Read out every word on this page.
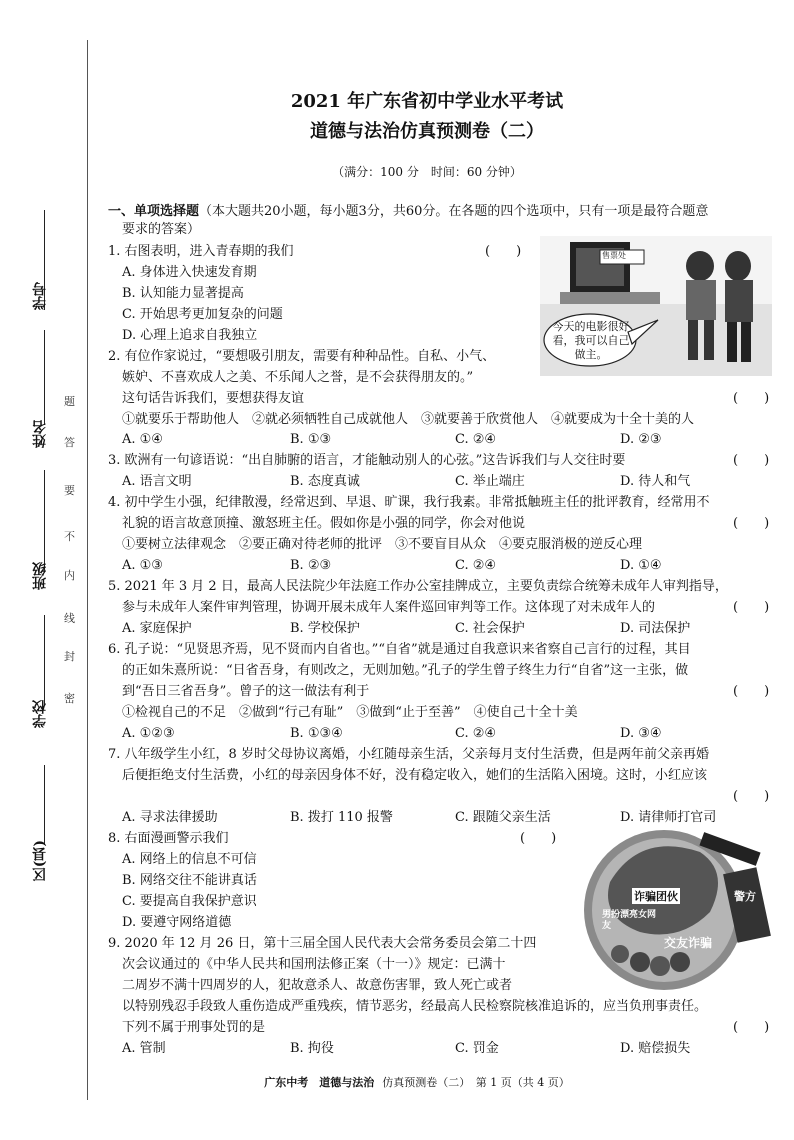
学号
姓名
班级
学校
区(县)
题
答
要
不
内
线
封
密
2021 年广东省初中学业水平考试
道德与法治仿真预测卷（二）
（满分：100 分　时间：60 分钟）
一、单项选择题（本大题共20小题，每小题3分，共60分。在各题的四个选项中，只有一项是最符合题意
要求的答案）
1. 右图表明，进入青春期的我们	(　　)
A. 身体进入快速发育期
B. 认知能力显著提高
C. 开始思考更加复杂的问题
D. 心理上追求自我独立
售票处
今天的电影很好看，我可以自己做主。
2. 有位作家说过，“要想吸引朋友，需要有种种品性。自私、小气、
嫉妒、不喜欢成人之美、不乐闻人之誉，是不会获得朋友的。”
这句话告诉我们，要想获得友谊	(　　)
①就要乐于帮助他人　②就必须牺牲自己成就他人　③就要善于欣赏他人　④就要成为十全十美的人
A. ①④	B. ①③	C. ②④	D. ②③
3. 欧洲有一句谚语说：“出自肺腑的语言，才能触动别人的心弦。”这告诉我们与人交往时要	(　　)
A. 语言文明	B. 态度真诚	C. 举止端庄	D. 待人和气
4. 初中学生小强，纪律散漫，经常迟到、早退、旷课，我行我素。非常抵触班主任的批评教育，经常用不
礼貌的语言故意顶撞、激怒班主任。假如你是小强的同学，你会对他说	(　　)
①要树立法律观念　②要正确对待老师的批评　③不要盲目从众　④要克服消极的逆反心理
A. ①③	B. ②③	C. ②④	D. ①④
5. 2021 年 3 月 2 日，最高人民法院少年法庭工作办公室挂牌成立，主要负责综合统筹未成年人审判指导，
参与未成年人案件审判管理，协调开展未成年人案件巡回审判等工作。这体现了对未成年人的	(　　)
A. 家庭保护	B. 学校保护	C. 社会保护	D. 司法保护
6. 孔子说：“见贤思齐焉，见不贤而内自省也。”“自省”就是通过自我意识来省察自己言行的过程，其目
的正如朱熹所说：“日省吾身，有则改之，无则加勉。”孔子的学生曾子终生力行“自省”这一主张，做
到“吾日三省吾身”。曾子的这一做法有利于	(　　)
①检视自己的不足　②做到“行己有耻”　③做到“止于至善”　④使自己十全十美
A. ①②③	B. ①③④	C. ②④	D. ③④
7. 八年级学生小红，8 岁时父母协议离婚，小红随母亲生活，父亲每月支付生活费，但是两年前父亲再婚
后便拒绝支付生活费，小红的母亲因身体不好，没有稳定收入，她们的生活陷入困境。这时，小红应该
(　　)
A. 寻求法律援助	B. 拨打 110 报警	C. 跟随父亲生活	D. 请律师打官司
8. 右面漫画警示我们	(　　)
A. 网络上的信息不可信
B. 网络交往不能讲真话
C. 要提高自我保护意识
D. 要遵守网络道德
诈骗团伙
男扮漂亮女网友
交友诈骗
警方
9. 2020 年 12 月 26 日，第十三届全国人民代表大会常务委员会第二十四
次会议通过的《中华人民共和国刑法修正案（十一）》规定：已满十
二周岁不满十四周岁的人，犯故意杀人、故意伤害罪，致人死亡或者
以特别残忍手段致人重伤造成严重残疾，情节恶劣，经最高人民检察院核准追诉的，应当负刑事责任。
下列不属于刑事处罚的是	(　　)
A. 管制	B. 拘役	C. 罚金	D. 赔偿损失
广东中考　道德与法治 仿真预测卷（二）　第 1 页（共 4 页）
